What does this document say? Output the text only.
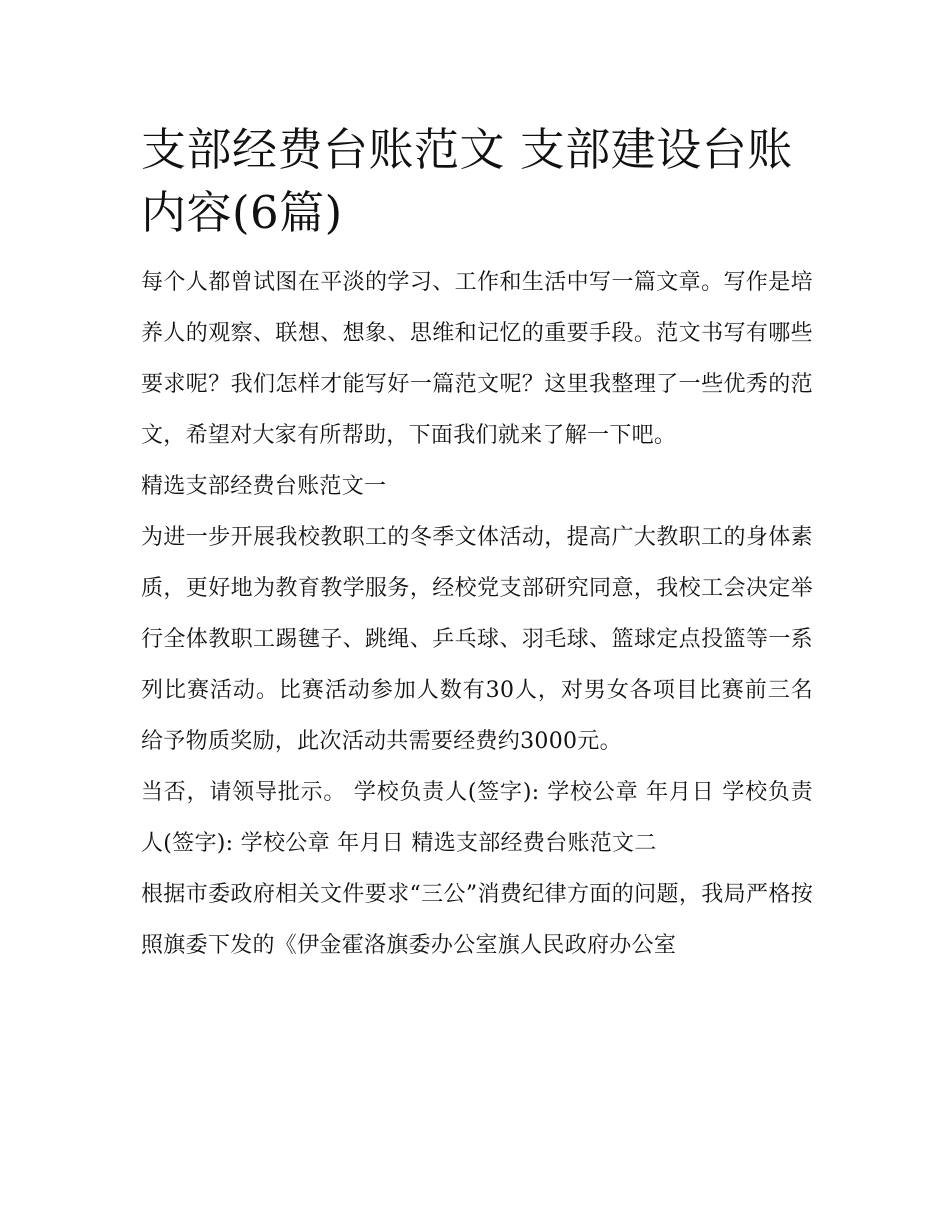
支部经费台账范文 支部建设台账内容(6篇)

每个人都曾试图在平淡的学习、工作和生活中写一篇文章。写作是培养人的观察、联想、想象、思维和记忆的重要手段。范文书写有哪些要求呢？我们怎样才能写好一篇范文呢？这里我整理了一些优秀的范文，希望对大家有所帮助，下面我们就来了解一下吧。

精选支部经费台账范文一

为进一步开展我校教职工的冬季文体活动，提高广大教职工的身体素质，更好地为教育教学服务，经校党支部研究同意，我校工会决定举行全体教职工踢毽子、跳绳、乒乓球、羽毛球、篮球定点投篮等一系列比赛活动。比赛活动参加人数有30人，对男女各项目比赛前三名给予物质奖励，此次活动共需要经费约3000元。

当否，请领导批示。 学校负责人(签字): 学校公章 年月日 学校负责人(签字): 学校公章 年月日 精选支部经费台账范文二

根据市委政府相关文件要求“三公”消费纪律方面的问题，我局严格按照旗委下发的《伊金霍洛旗委办公室旗人民政府办公室
